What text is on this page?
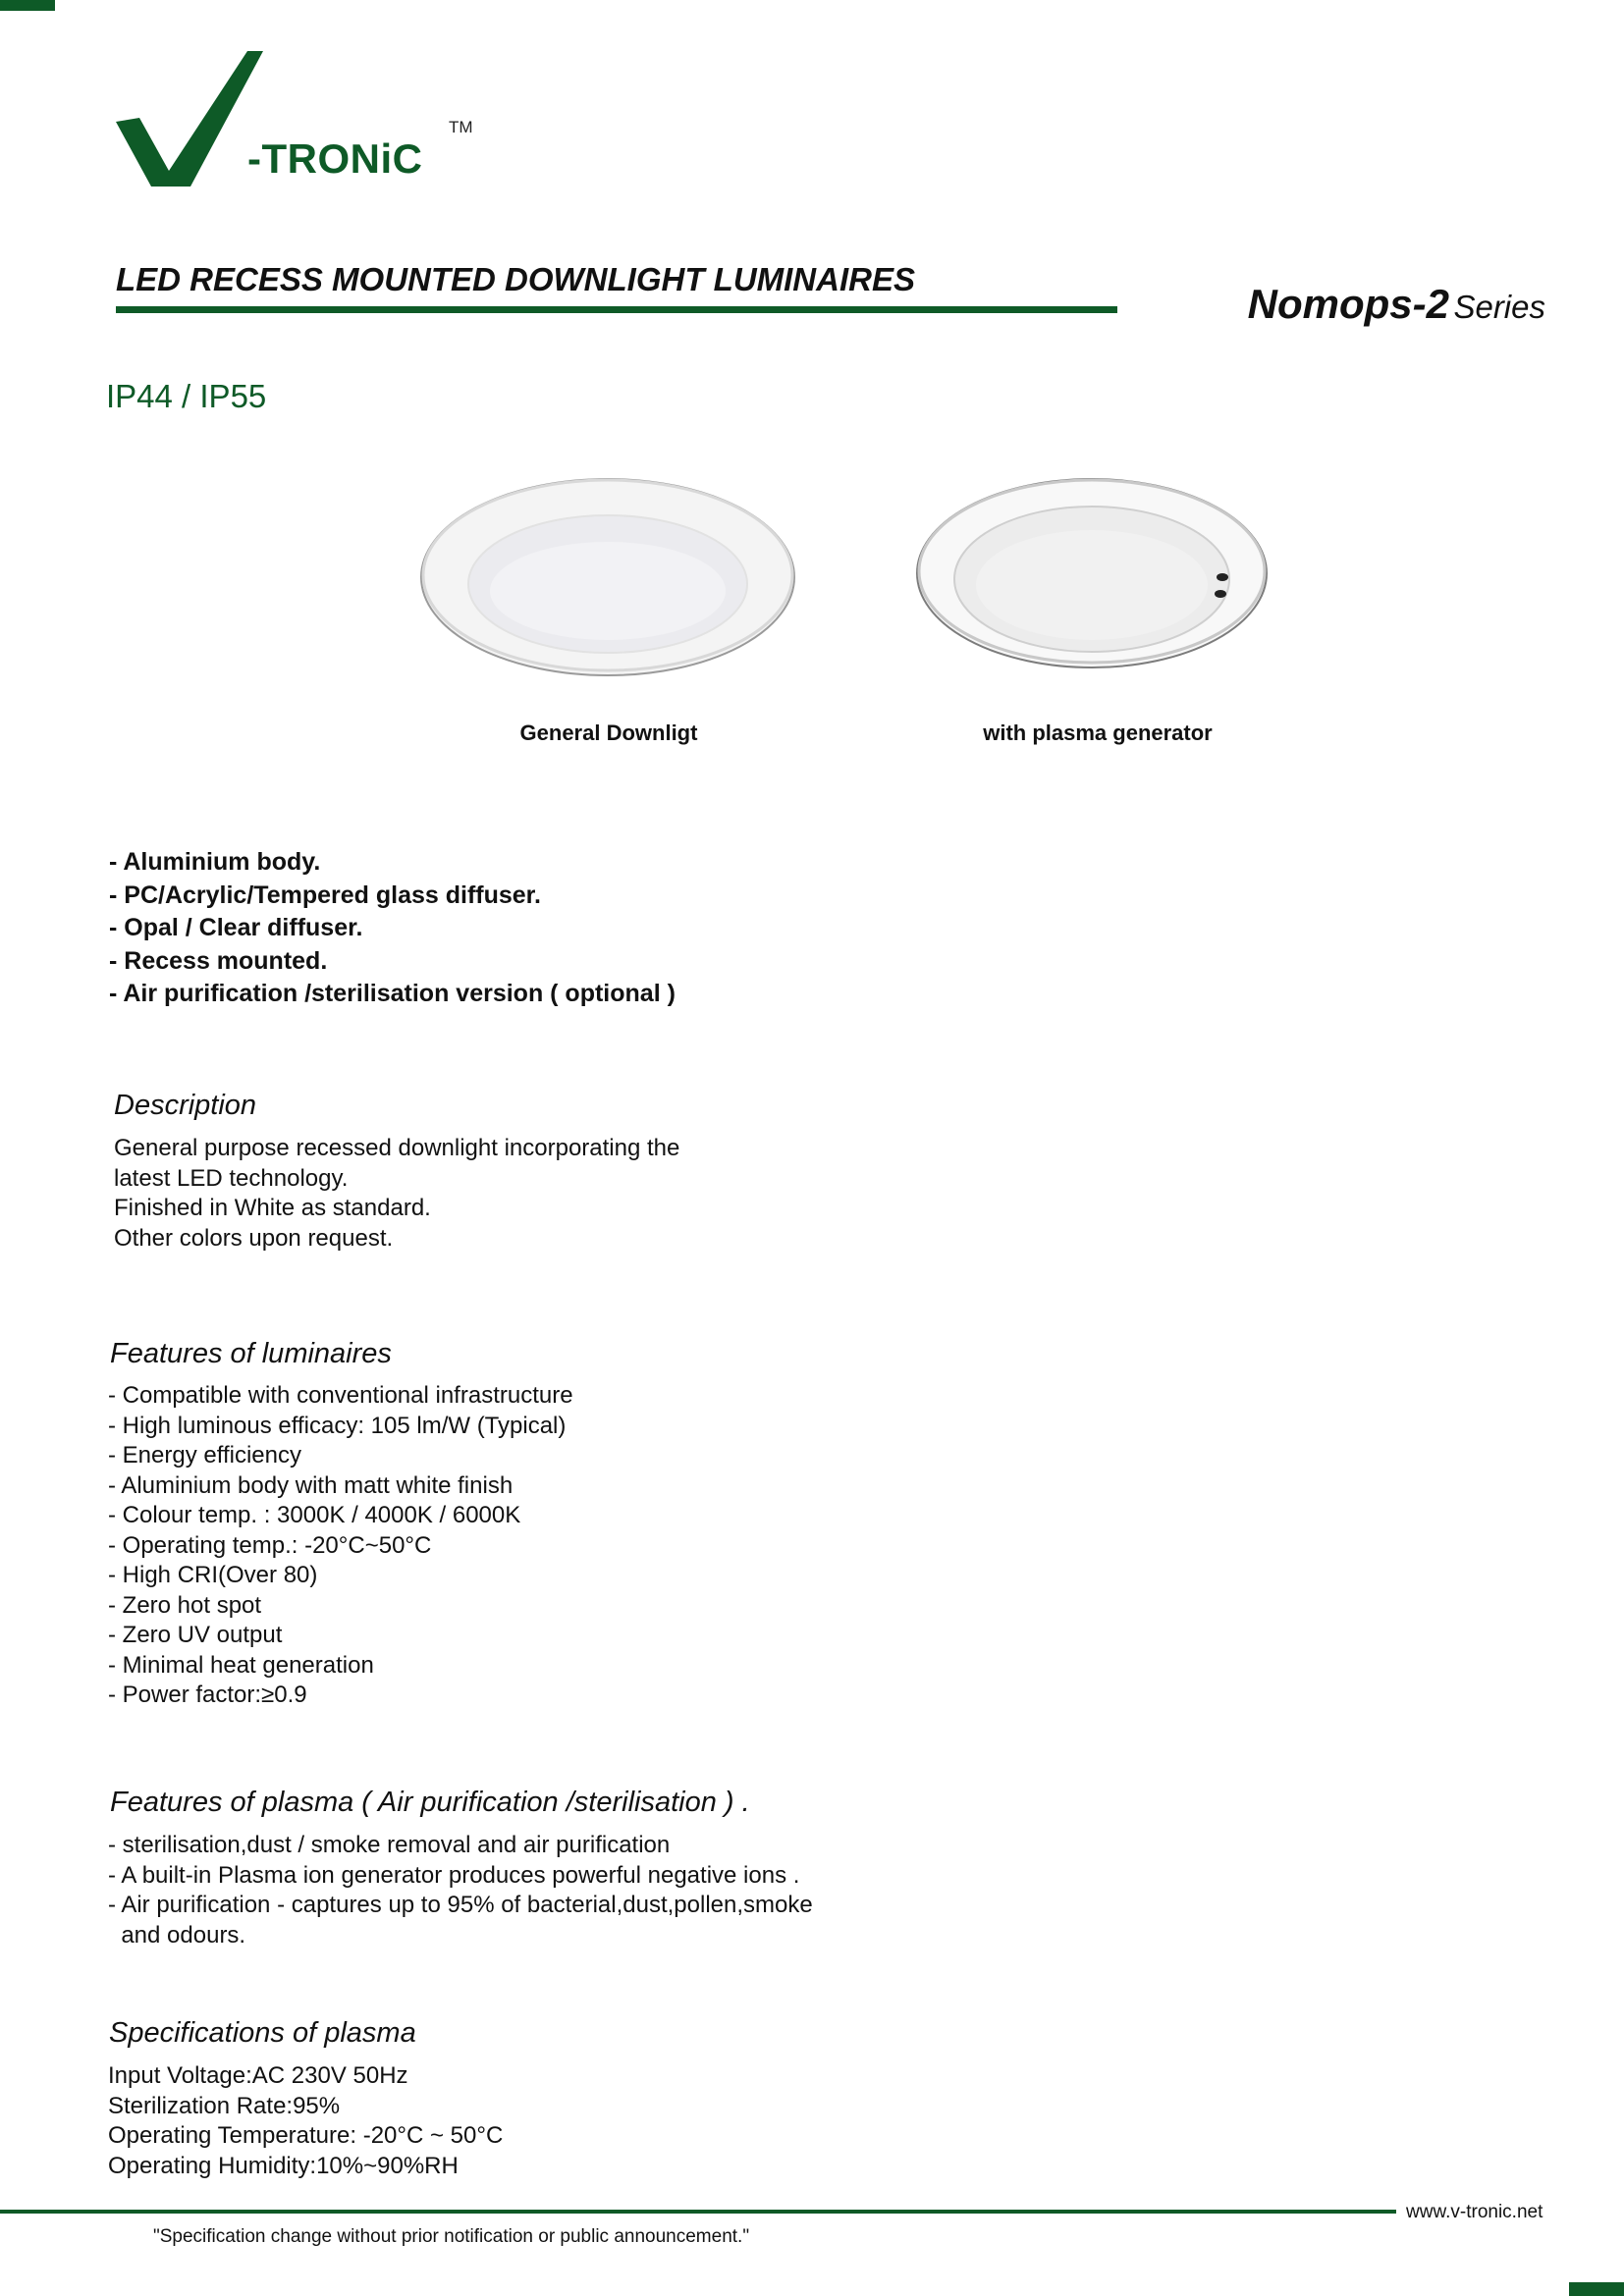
-TRONiC
TM
LED RECESS MOUNTED DOWNLIGHT LUMINAIRES
Nomops-2 Series
IP44 / IP55
General Downligt	with plasma generator
- Aluminium body.
- PC/Acrylic/Tempered glass diffuser.
- Opal / Clear diffuser.
- Recess mounted.
- Air purification /sterilisation version ( optional )
Description
General purpose recessed downlight incorporating the
latest LED technology.
Finished in White as standard.
Other colors upon request.
Features of luminaires
- Compatible with conventional infrastructure
- High luminous efficacy: 105 lm/W (Typical)
- Energy efficiency
- Aluminium body with matt white finish
- Colour temp. : 3000K / 4000K / 6000K
- Operating temp.: -20°C~50°C
- High CRI(Over 80)
- Zero hot spot
- Zero UV output
- Minimal heat generation
- Power factor:≥0.9
Features of plasma ( Air purification /sterilisation ) .
- sterilisation,dust / smoke removal and air purification
- A built-in Plasma ion generator produces powerful negative ions .
- Air purification - captures up to 95% of bacterial,dust,pollen,smoke
and odours.
Specifications of plasma
Input Voltage:AC 230V 50Hz
Sterilization Rate:95%
Operating Temperature: -20°C ~ 50°C
Operating Humidity:10%~90%RH
www.v-tronic.net
"Specification change without prior notification or public announcement."
